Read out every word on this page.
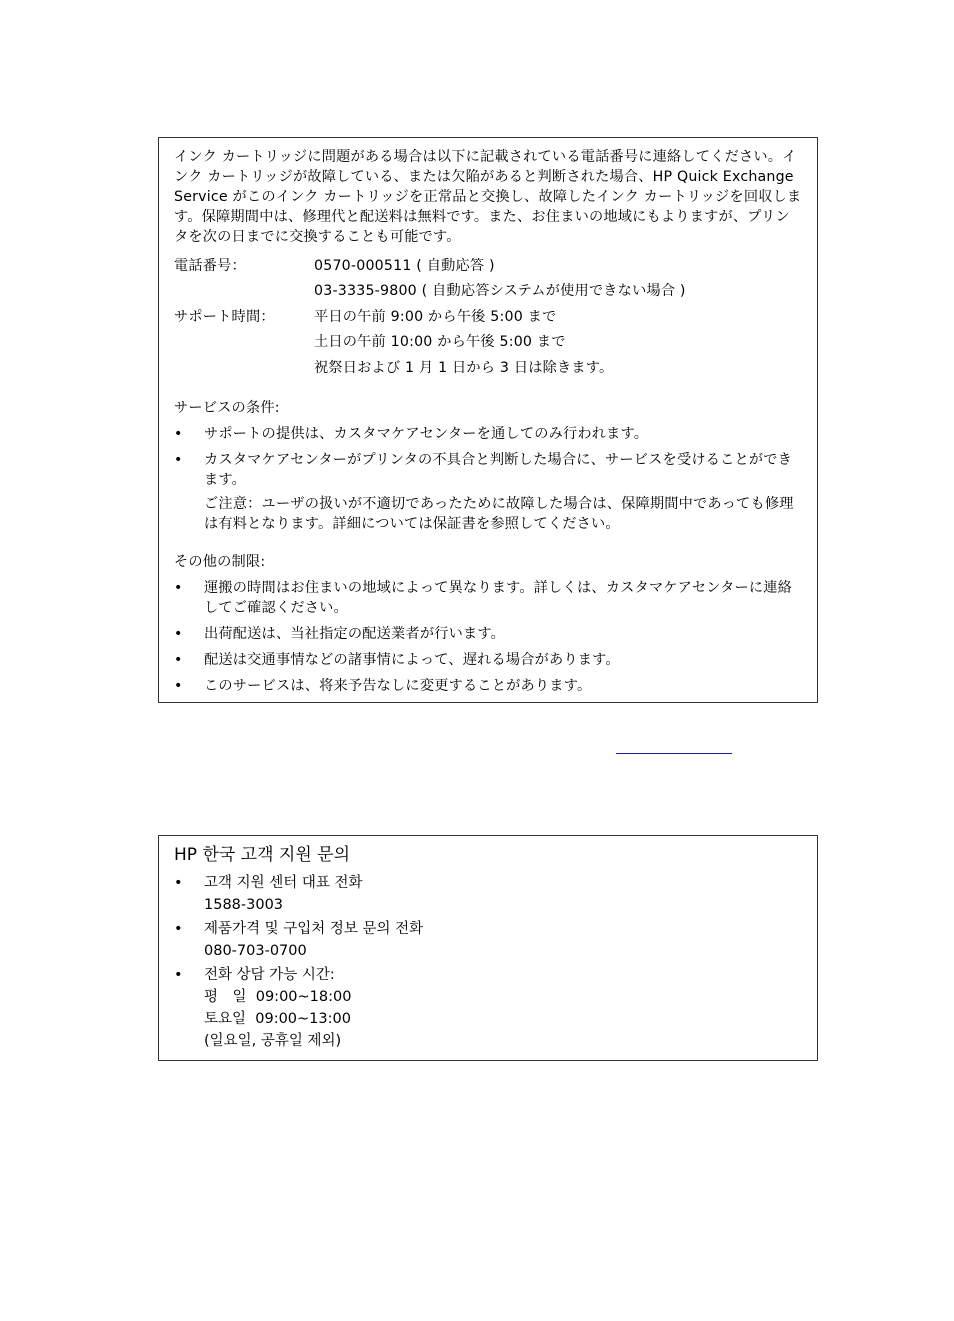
インク カートリッジに問題がある場合は以下に記載されている電話番号に連絡してください。インク カートリッジが故障している、または欠陥があると判断された場合、HP Quick Exchange Service がこのインク カートリッジを正常品と交換し、故障したインク カートリッジを回収します。保障期間中は、修理代と配送料は無料です。また、お住まいの地域にもよりますが、プリンタを次の日までに交換することも可能です。

電話番号：	0570-000511 ( 自動応答 )
03-3335-9800 ( 自動応答システムが使用できない場合 )
サポート時間：	平日の午前 9:00 から午後 5:00 まで
土日の午前 10:00 から午後 5:00 まで
祝祭日および 1 月 1 日から 3 日は除きます。

サービスの条件:

•	サポートの提供は、カスタマケアセンターを通してのみ行われます。
•	カスタマケアセンターがプリンタの不具合と判断した場合に、サービスを受けることができます。
ご注意：ユーザの扱いが不適切であったために故障した場合は、保障期間中であっても修理は有料となります。詳細については保証書を参照してください。

その他の制限:

•	運搬の時間はお住まいの地域によって異なります。詳しくは、カスタマケアセンターに連絡してご確認ください。
•	出荷配送は、当社指定の配送業者が行います。
•	配送は交通事情などの諸事情によって、遅れる場合があります。
•	このサービスは、将来予告なしに変更することがあります。

HP 한국 고객 지원 문의

•	고객 지원 센터 대표 전화
1588-3003
•	제품가격 및 구입처 정보 문의 전화
080-703-0700
•	전화 상담 가능 시간:
평　일  09:00~18:00
토요일  09:00~13:00
(일요일, 공휴일 제외)
